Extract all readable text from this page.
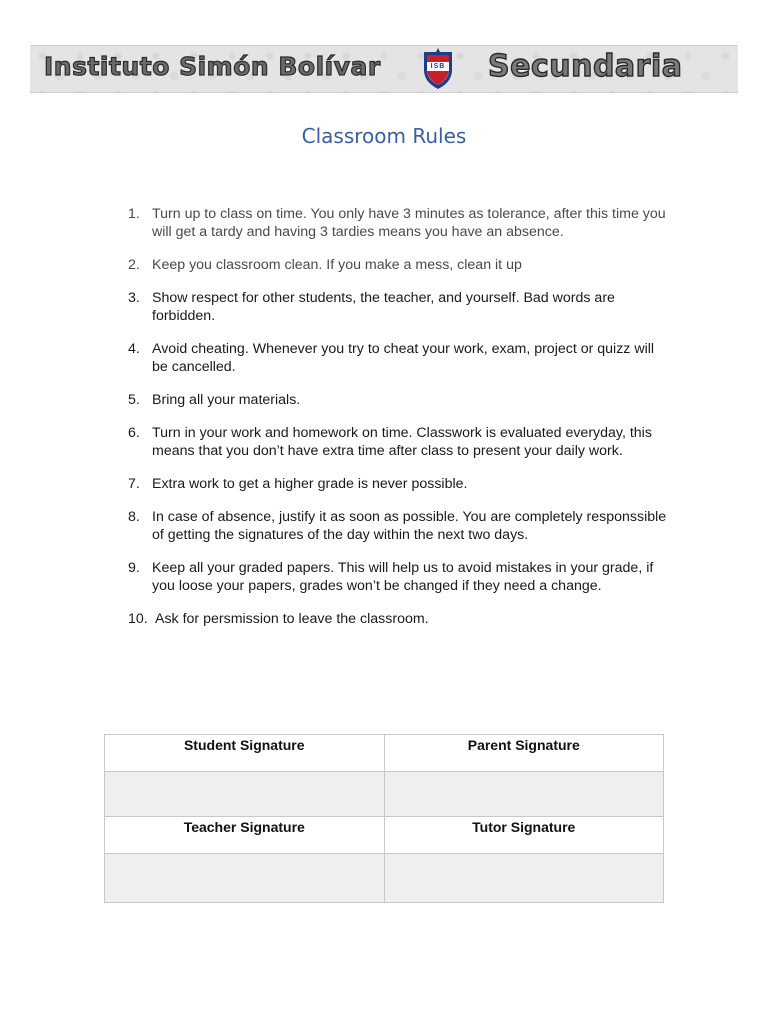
Instituto Simón Bolívar	ISB	Secundaria
Classroom Rules
1. Turn up to class on time. You only have 3 minutes as tolerance, after this time you will get a tardy and having 3 tardies means you have an absence.
2. Keep you classroom clean. If you make a mess, clean it up
3. Show respect for other students, the teacher, and yourself. Bad words are forbidden.
4. Avoid cheating. Whenever you try to cheat your work, exam, project or quizz will be cancelled.
5. Bring all your materials.
6. Turn in your work and homework on time. Classwork is evaluated everyday, this means that you don’t have extra time after class to present your daily work.
7. Extra work to get a higher grade is never possible.
8. In case of absence, justify it as soon as possible. You are completely responssible of getting the signatures of the day within the next two days.
9. Keep all your graded papers. This will help us to avoid mistakes in your grade, if you loose your papers, grades won’t be changed if they need a change.
10. Ask for persmission to leave the classroom.
Student Signature	Parent Signature

Teacher Signature	Tutor Signature
